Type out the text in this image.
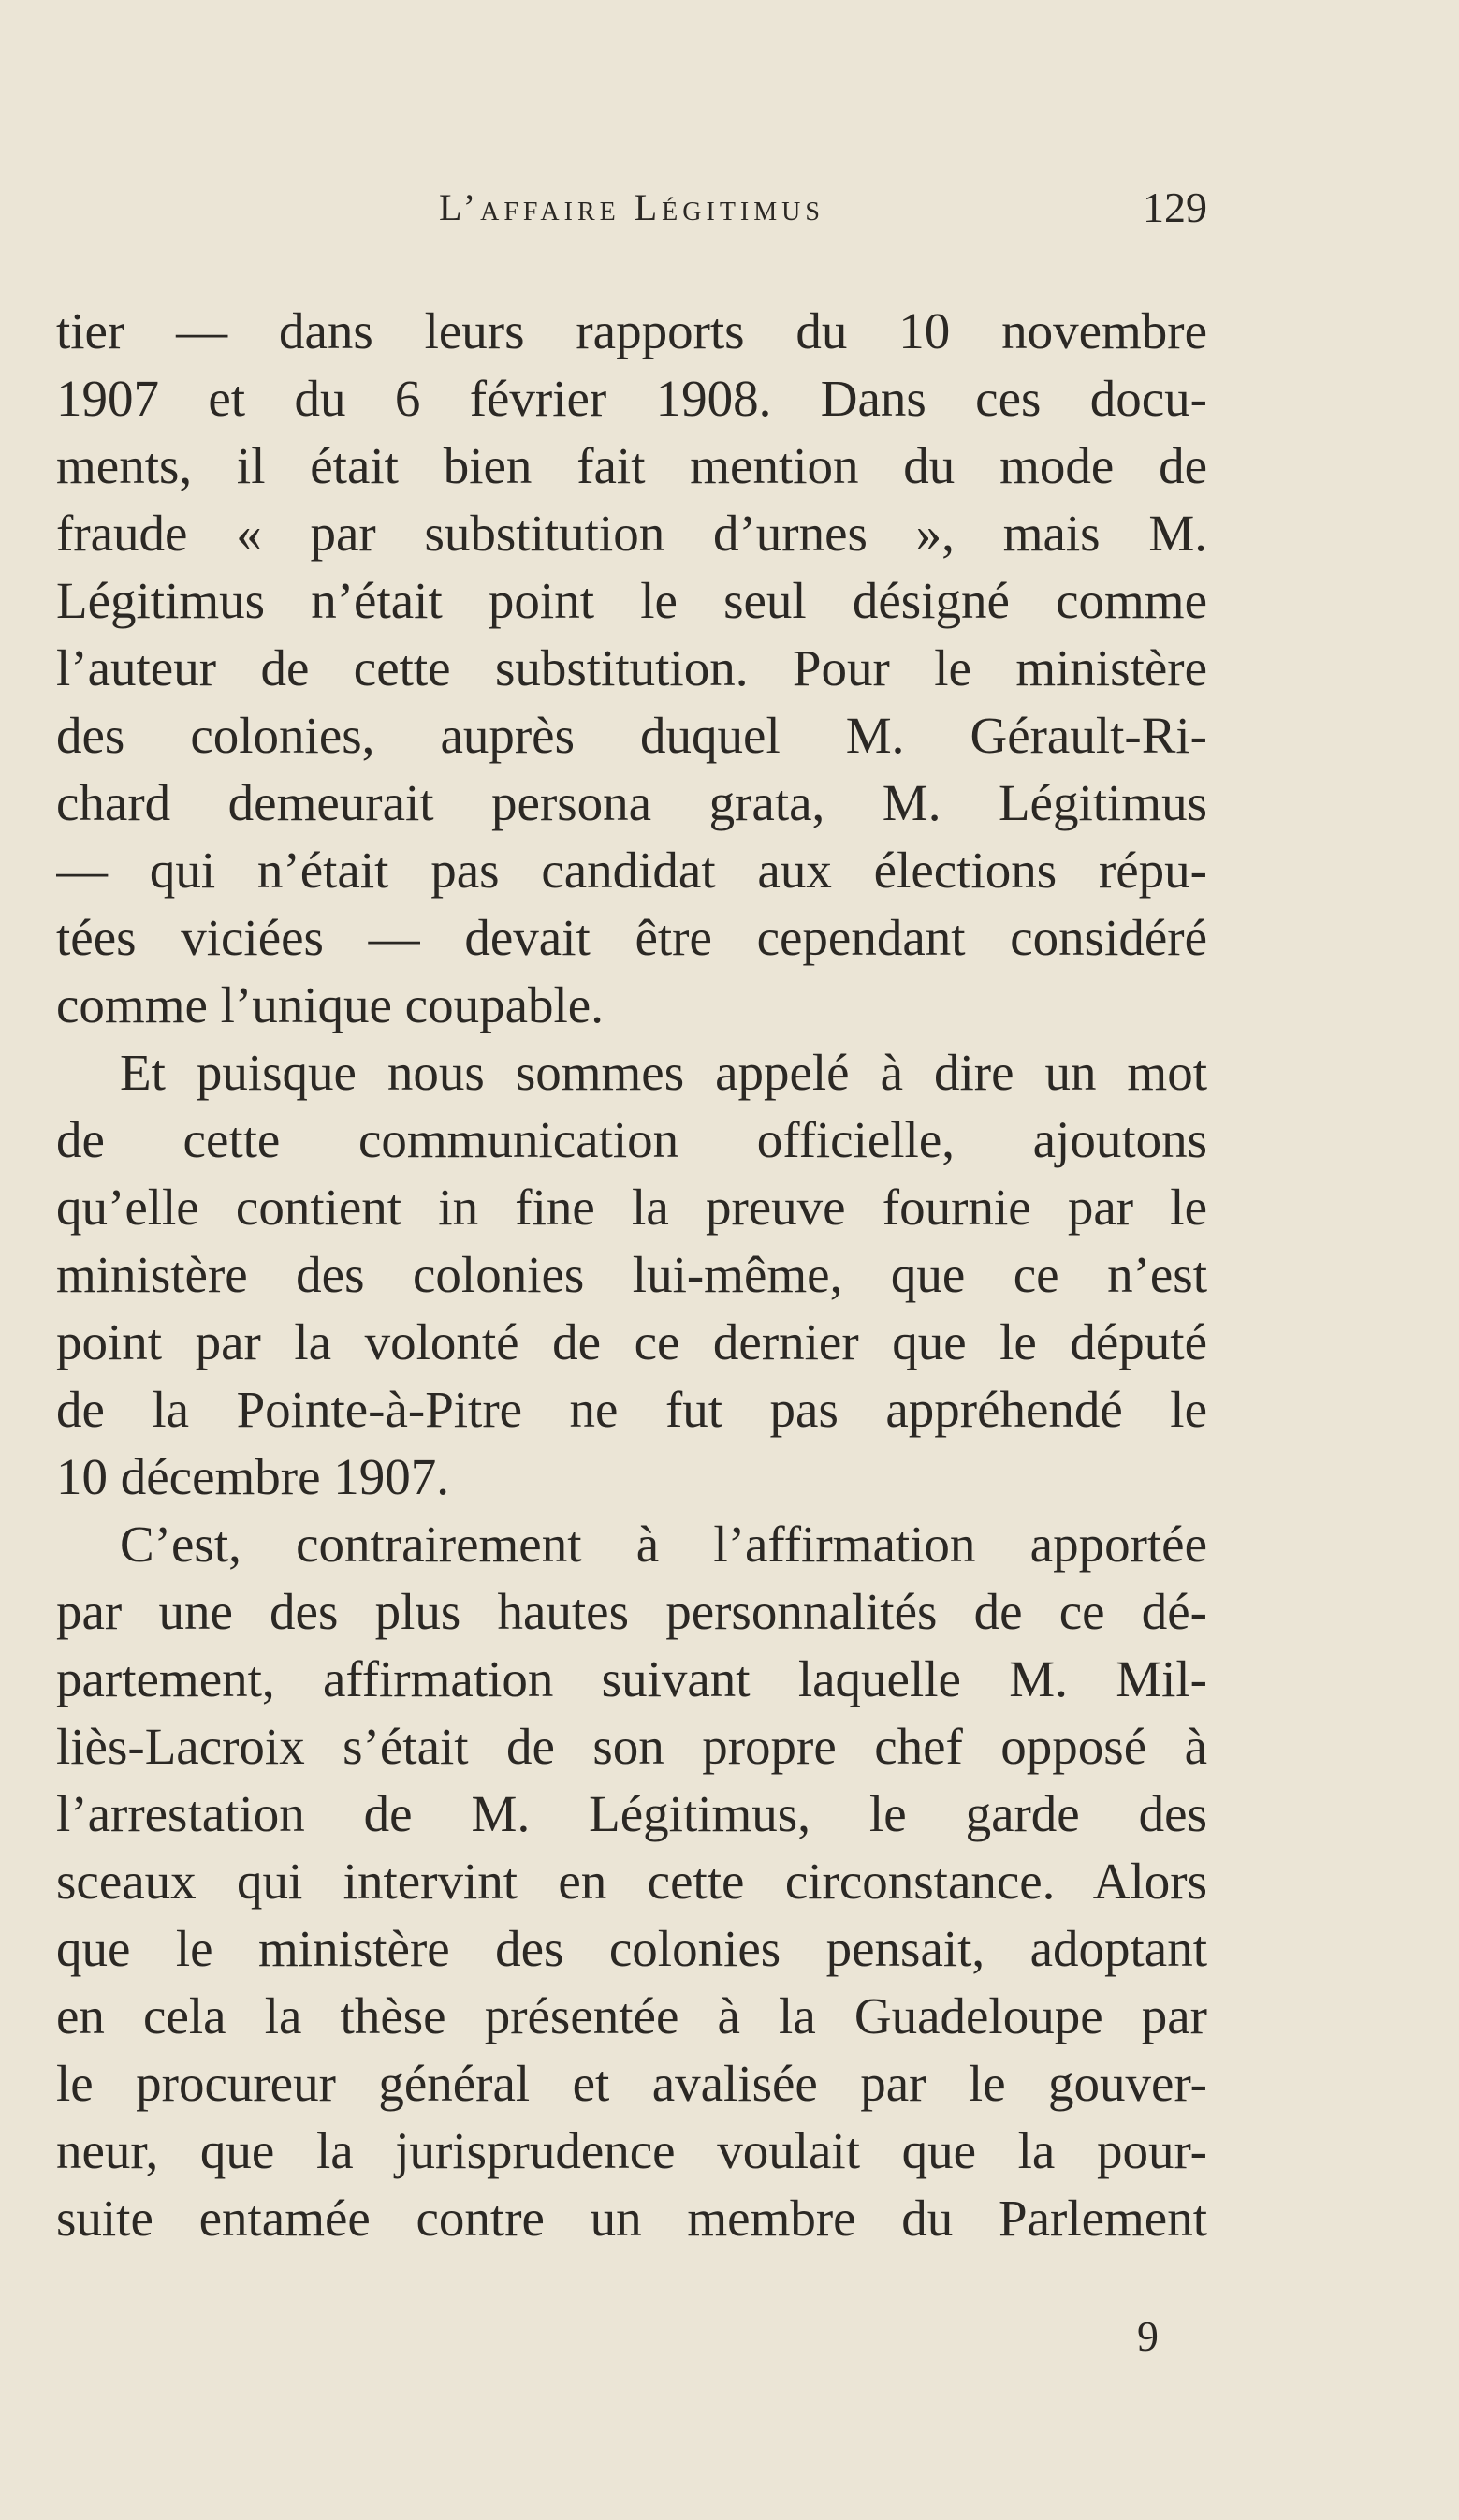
L’affaire Légitimus	129
tier — dans leurs rapports du 10 novembre
1907 et du 6 février 1908. Dans ces docu-
ments, il était bien fait mention du mode de
fraude « par substitution d’urnes », mais M.
Légitimus n’était point le seul désigné comme
l’auteur de cette substitution. Pour le ministère
des colonies, auprès duquel M. Gérault-Ri-
chard demeurait persona grata, M. Légitimus
— qui n’était pas candidat aux élections répu-
tées viciées — devait être cependant considéré
comme l’unique coupable.
Et puisque nous sommes appelé à dire un mot
de cette communication officielle, ajoutons
qu’elle contient in fine la preuve fournie par le
ministère des colonies lui-même, que ce n’est
point par la volonté de ce dernier que le député
de la Pointe-à-Pitre ne fut pas appréhendé le
10 décembre 1907.
C’est, contrairement à l’affirmation apportée
par une des plus hautes personnalités de ce dé-
partement, affirmation suivant laquelle M. Mil-
liès-Lacroix s’était de son propre chef opposé à
l’arrestation de M. Légitimus, le garde des
sceaux qui intervint en cette circonstance. Alors
que le ministère des colonies pensait, adoptant
en cela la thèse présentée à la Guadeloupe par
le procureur général et avalisée par le gouver-
neur, que la jurisprudence voulait que la pour-
suite entamée contre un membre du Parlement
9
